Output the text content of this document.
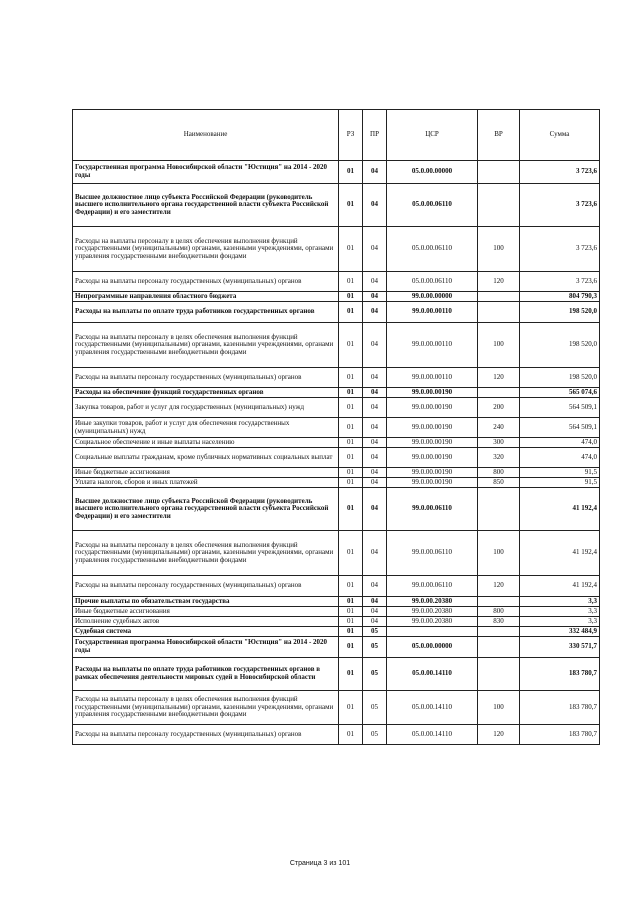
Наименование	РЗ	ПР	ЦСР	ВР	Сумма
Государственная программа Новосибирской области "Юстиция" на 2014 - 2020 годы	01	04	05.0.00.00000		3 723,6
Высшее должностное лицо субъекта Российской Федерации (руководитель высшего исполнительного органа государственной власти субъекта Российской Федерации) и его заместители	01	04	05.0.00.06110		3 723,6
Расходы на выплаты персоналу в целях обеспечения выполнения функций государственными (муниципальными) органами, казенными учреждениями, органами управления государственными внебюджетными фондами	01	04	05.0.00.06110	100	3 723,6
Расходы на выплаты персоналу государственных (муниципальных) органов	01	04	05.0.00.06110	120	3 723,6
Непрограммные направления областного бюджета	01	04	99.0.00.00000		804 790,3
Расходы на выплаты по оплате труда работников государственных органов	01	04	99.0.00.00110		198 520,0
Расходы на выплаты персоналу в целях обеспечения выполнения функций государственными (муниципальными) органами, казенными учреждениями, органами управления государственными внебюджетными фондами	01	04	99.0.00.00110	100	198 520,0
Расходы на выплаты персоналу государственных (муниципальных) органов	01	04	99.0.00.00110	120	198 520,0
Расходы на обеспечение функций государственных органов	01	04	99.0.00.00190		565 074,6
Закупка товаров, работ и услуг для государственных (муниципальных) нужд	01	04	99.0.00.00190	200	564 509,1
Иные закупки товаров, работ и услуг для обеспечения государственных (муниципальных) нужд	01	04	99.0.00.00190	240	564 509,1
Социальное обеспечение и иные выплаты населению	01	04	99.0.00.00190	300	474,0
Социальные выплаты гражданам, кроме публичных нормативных социальных выплат	01	04	99.0.00.00190	320	474,0
Иные бюджетные ассигнования	01	04	99.0.00.00190	800	91,5
Уплата налогов, сборов и иных платежей	01	04	99.0.00.00190	850	91,5
Высшее должностное лицо субъекта Российской Федерации (руководитель высшего исполнительного органа государственной власти субъекта Российской Федерации) и его заместители	01	04	99.0.00.06110		41 192,4
Расходы на выплаты персоналу в целях обеспечения выполнения функций государственными (муниципальными) органами, казенными учреждениями, органами управления государственными внебюджетными фондами	01	04	99.0.00.06110	100	41 192,4
Расходы на выплаты персоналу государственных (муниципальных) органов	01	04	99.0.00.06110	120	41 192,4
Прочие выплаты по обязательствам государства	01	04	99.0.00.20380		3,3
Иные бюджетные ассигнования	01	04	99.0.00.20380	800	3,3
Исполнение судебных актов	01	04	99.0.00.20380	830	3,3
Судебная система	01	05			332 484,9
Государственная программа Новосибирской области "Юстиция" на 2014 - 2020 годы	01	05	05.0.00.00000		330 571,7
Расходы на выплаты по оплате труда работников государственных органов в рамках обеспечения деятельности мировых судей в Новосибирской области	01	05	05.0.00.14110		183 780,7
Расходы на выплаты персоналу в целях обеспечения выполнения функций государственными (муниципальными) органами, казенными учреждениями, органами управления государственными внебюджетными фондами	01	05	05.0.00.14110	100	183 780,7
Расходы на выплаты персоналу государственных (муниципальных) органов	01	05	05.0.00.14110	120	183 780,7
Страница 3 из 101
